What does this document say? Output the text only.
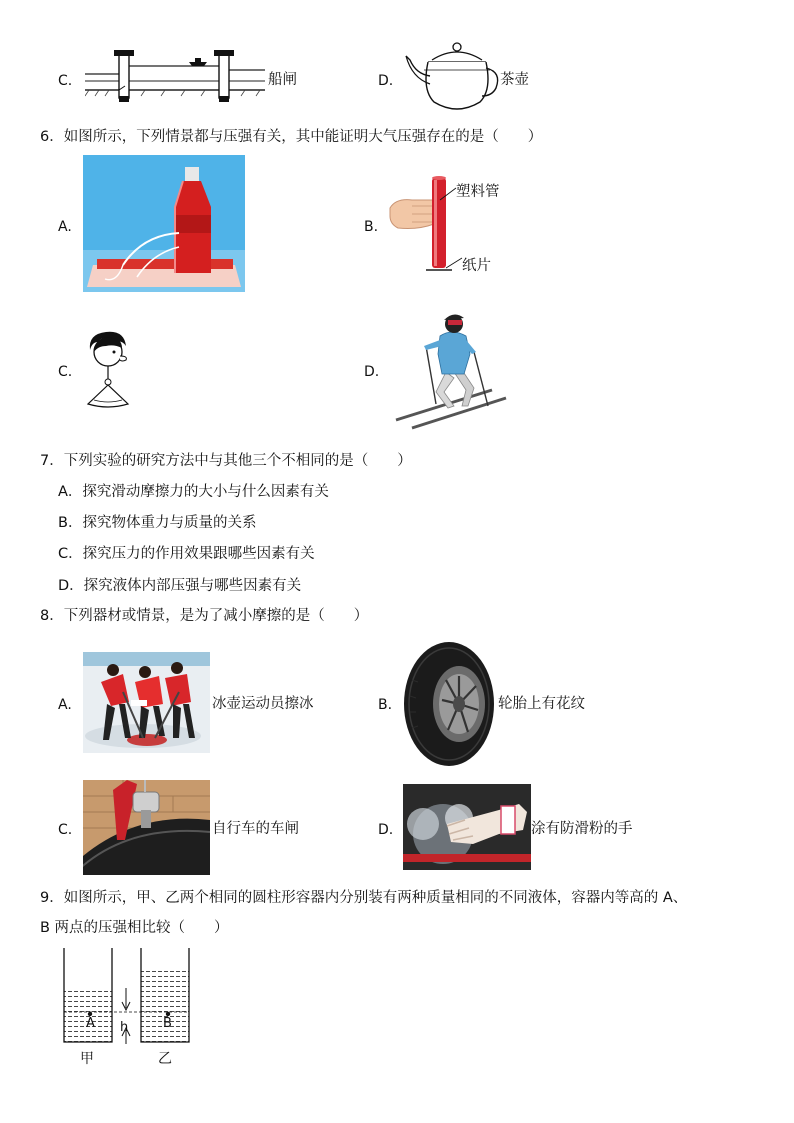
C.	船闸	D.	茶壶
6．如图所示，下列情景都与压强有关，其中能证明大气压强存在的是（　　）
A.	B.
塑料管
纸片
C.	D.
7．下列实验的研究方法中与其他三个不相同的是（　　）
A．探究滑动摩擦力的大小与什么因素有关
B．探究物体重力与质量的关系
C．探究压力的作用效果跟哪些因素有关
D．探究液体内部压强与哪些因素有关
8．下列器材或情景，是为了减小摩擦的是（　　）
A.	冰壶运动员擦冰	B.	轮胎上有花纹
C.	自行车的车闸	D.	涂有防滑粉的手
9．如图所示，甲、乙两个相同的圆柱形容器内分别装有两种质量相同的不同液体，容器内等高的 A、
B 两点的压强相比较（　　）
A	B
h
甲	乙
